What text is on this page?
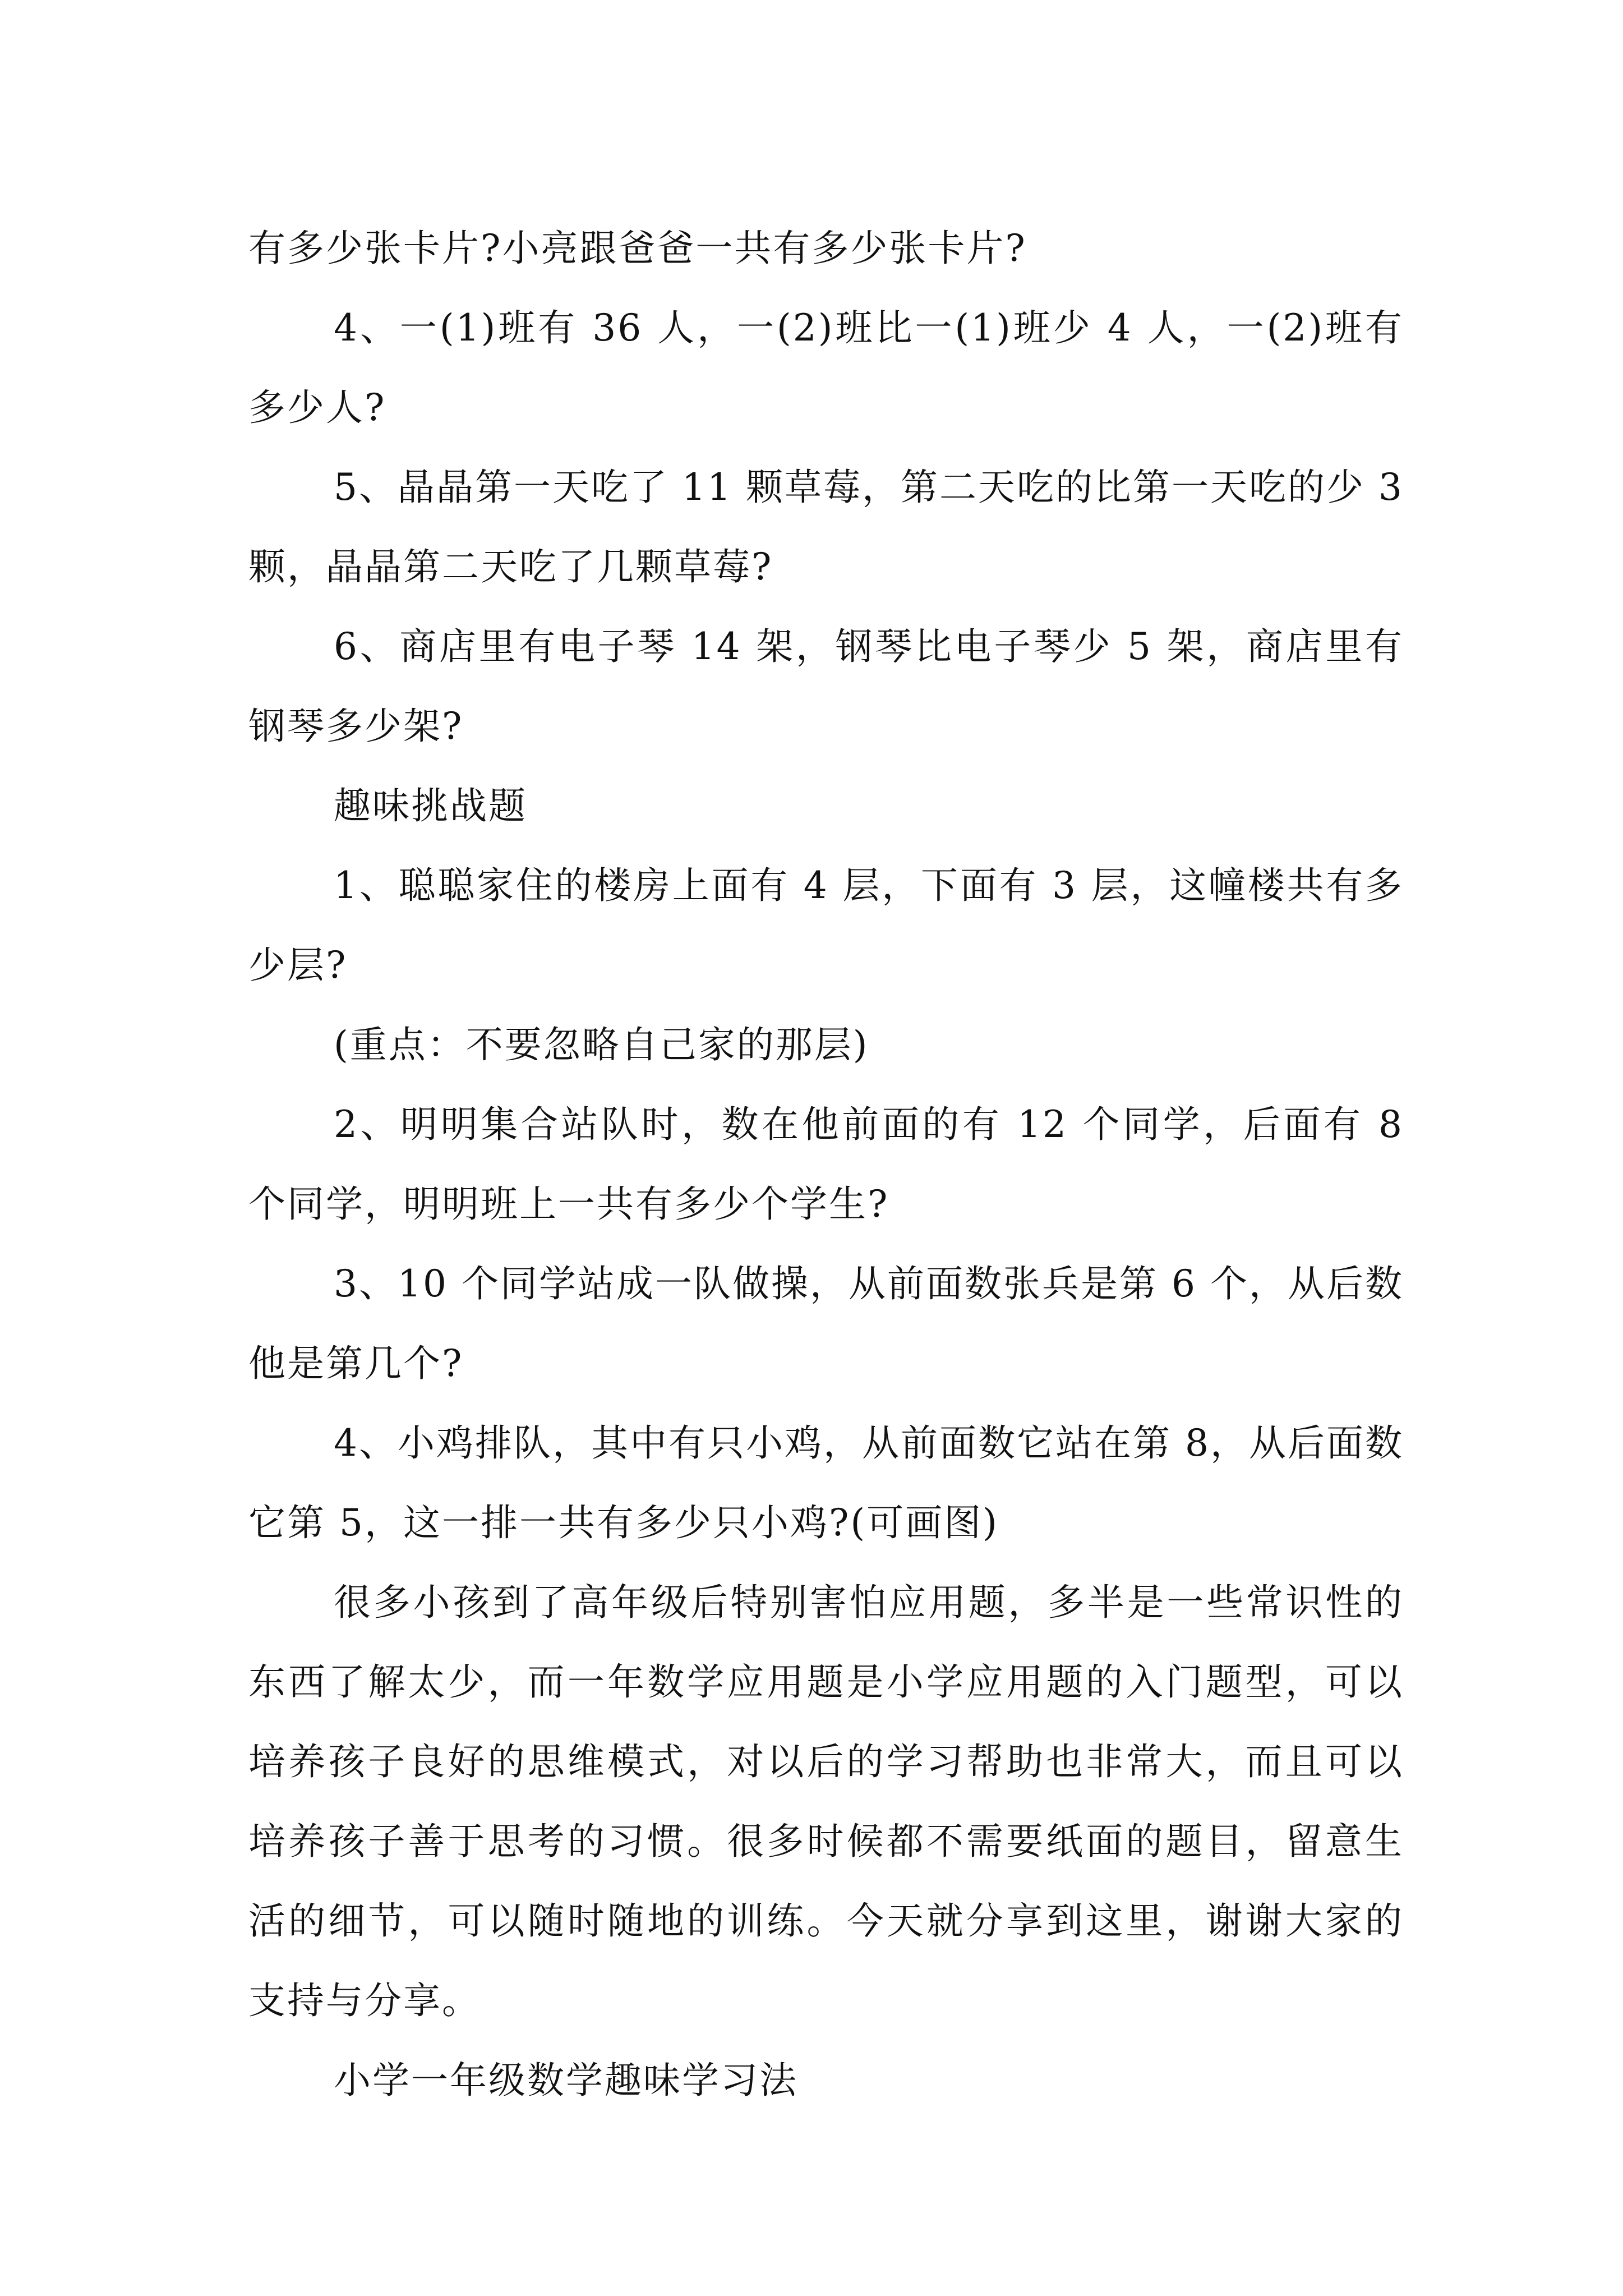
有多少张卡片?小亮跟爸爸一共有多少张卡片?

4、一(1)班有 36 人，一(2)班比一(1)班少 4 人，一(2)班有多少人?

5、晶晶第一天吃了 11 颗草莓，第二天吃的比第一天吃的少 3 颗，晶晶第二天吃了几颗草莓?

6、商店里有电子琴 14 架，钢琴比电子琴少 5 架，商店里有钢琴多少架?

趣味挑战题

1、聪聪家住的楼房上面有 4 层，下面有 3 层，这幢楼共有多少层?

(重点：不要忽略自己家的那层)

2、明明集合站队时，数在他前面的有 12 个同学，后面有 8 个同学，明明班上一共有多少个学生?

3、10 个同学站成一队做操，从前面数张兵是第 6 个，从后数他是第几个?

4、小鸡排队，其中有只小鸡，从前面数它站在第 8，从后面数它第 5，这一排一共有多少只小鸡?(可画图)

很多小孩到了高年级后特别害怕应用题，多半是一些常识性的东西了解太少，而一年数学应用题是小学应用题的入门题型，可以培养孩子良好的思维模式，对以后的学习帮助也非常大，而且可以培养孩子善于思考的习惯。很多时候都不需要纸面的题目，留意生活的细节，可以随时随地的训练。今天就分享到这里，谢谢大家的支持与分享。

小学一年级数学趣味学习法
